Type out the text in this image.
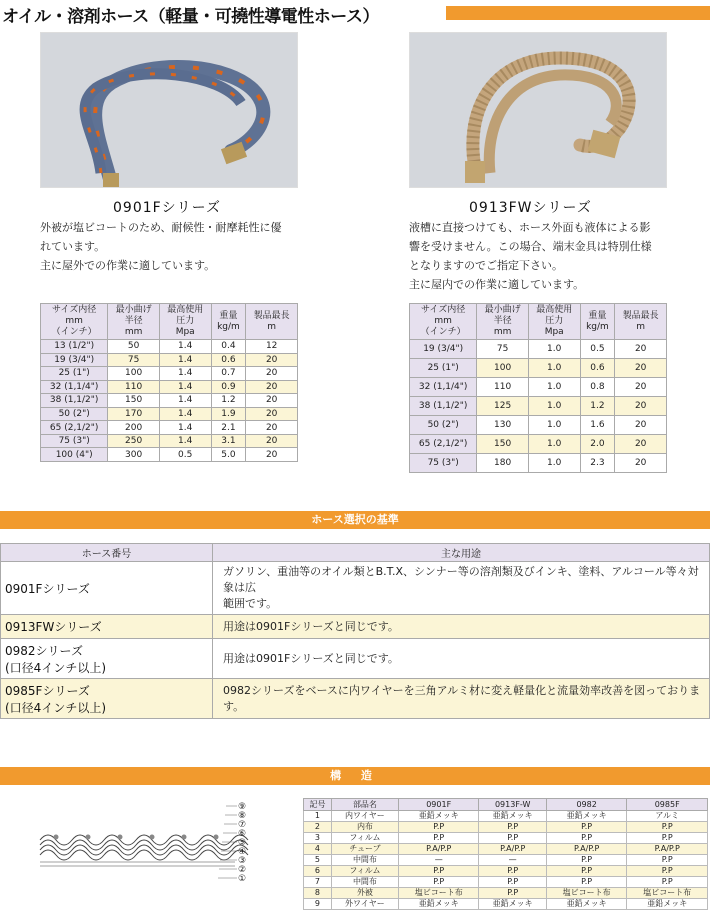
オイル・溶剤ホース（軽量・可撓性導電性ホース）
0901Fシリーズ	0913FWシリーズ
外被が塩ビコートのため、耐候性・耐摩耗性に優
れています。
主に屋外での作業に適しています。
液槽に直接つけても、ホース外面も液体による影
響を受けません。この場合、端末金具は特別仕様
となりますのでご指定下さい。
主に屋内での作業に適しています。
サイズ内径
mm
（インチ）	最小曲げ
半径
mm	最高使用
圧力
Mpa	重量
kg/m	製品最長
m
13 (1/2")	50	1.4	0.4	12
19 (3/4")	75	1.4	0.6	20
25 (1")	100	1.4	0.7	20
32 (1,1/4")	110	1.4	0.9	20
38 (1,1/2")	150	1.4	1.2	20
50 (2")	170	1.4	1.9	20
65 (2,1/2")	200	1.4	2.1	20
75 (3")	250	1.4	3.1	20
100 (4")	300	0.5	5.0	20
サイズ内径
mm
（インチ）	最小曲げ
半径
mm	最高使用
圧力
Mpa	重量
kg/m	製品最長
m
19 (3/4")	75	1.0	0.5	20
25 (1")	100	1.0	0.6	20
32 (1,1/4")	110	1.0	0.8	20
38 (1,1/2")	125	1.0	1.2	20
50 (2")	130	1.0	1.6	20
65 (2,1/2")	150	1.0	2.0	20
75 (3")	180	1.0	2.3	20
ホース選択の基準
ホース番号	主な用途

0901Fシリーズ	ガソリン、重油等のオイル類とB.T.X、シンナー等の溶剤類及びインキ、塗料、アルコール等々対象は広
範囲です。

0913FWシリーズ	用途は0901Fシリーズと同じです。

0982シリーズ
(口径4インチ以上)	用途は0901Fシリーズと同じです。

0985Fシリーズ
(口径4インチ以上)	0982シリーズをベースに内ワイヤーを三角アルミ材に変え軽量化と流量効率改善を図っております。
構 造
⑨
⑧
⑦
⑥
⑤
④
③
②
①
記号	部品名	0901F	0913F-W	0982	0985F
1	内ワイヤー	亜鉛メッキ	亜鉛メッキ	亜鉛メッキ	アルミ
2	内布	P.P	P.P	P.P	P.P
3	フィルム	P.P	P.P	P.P	P.P
4	チューブ	P.A/P.P	P.A/P.P	P.A/P.P	P.A/P.P
5	中間布	—	—	P.P	P.P
6	フィルム	P.P	P.P	P.P	P.P
7	中間布	P.P	P.P	P.P	P.P
8	外被	塩ビコート布	P.P	塩ビコート布	塩ビコート布
9	外ワイヤー	亜鉛メッキ	亜鉛メッキ	亜鉛メッキ	亜鉛メッキ
